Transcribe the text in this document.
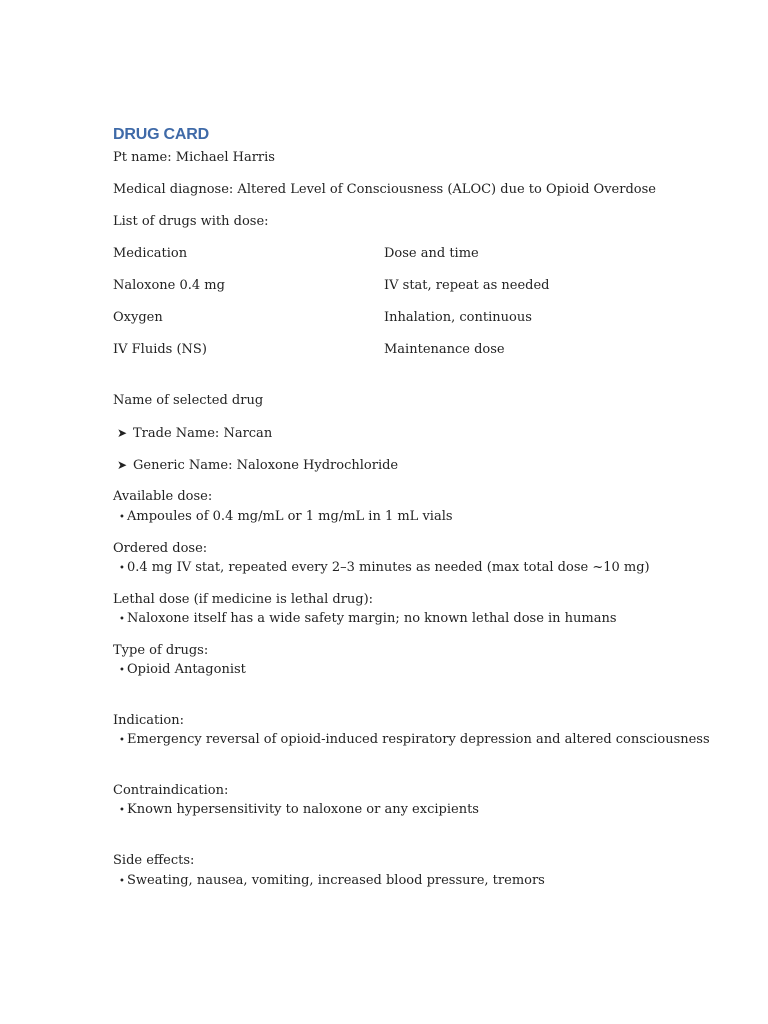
DRUG CARD
Pt name: Michael Harris
Medical diagnose: Altered Level of Consciousness (ALOC) due to Opioid Overdose
List of drugs with dose:
Medication	Dose and time
Naloxone 0.4 mg	IV stat, repeat as needed
Oxygen	Inhalation, continuous
IV Fluids (NS)	Maintenance dose
Name of selected drug
➤ Trade Name: Narcan
➤ Generic Name: Naloxone Hydrochloride
Available dose:
• Ampoules of 0.4 mg/mL or 1 mg/mL in 1 mL vials
Ordered dose:
• 0.4 mg IV stat, repeated every 2–3 minutes as needed (max total dose ~10 mg)
Lethal dose (if medicine is lethal drug):
• Naloxone itself has a wide safety margin; no known lethal dose in humans
Type of drugs:
• Opioid Antagonist
Indication:
• Emergency reversal of opioid-induced respiratory depression and altered consciousness
Contraindication:
• Known hypersensitivity to naloxone or any excipients
Side effects:
• Sweating, nausea, vomiting, increased blood pressure, tremors
